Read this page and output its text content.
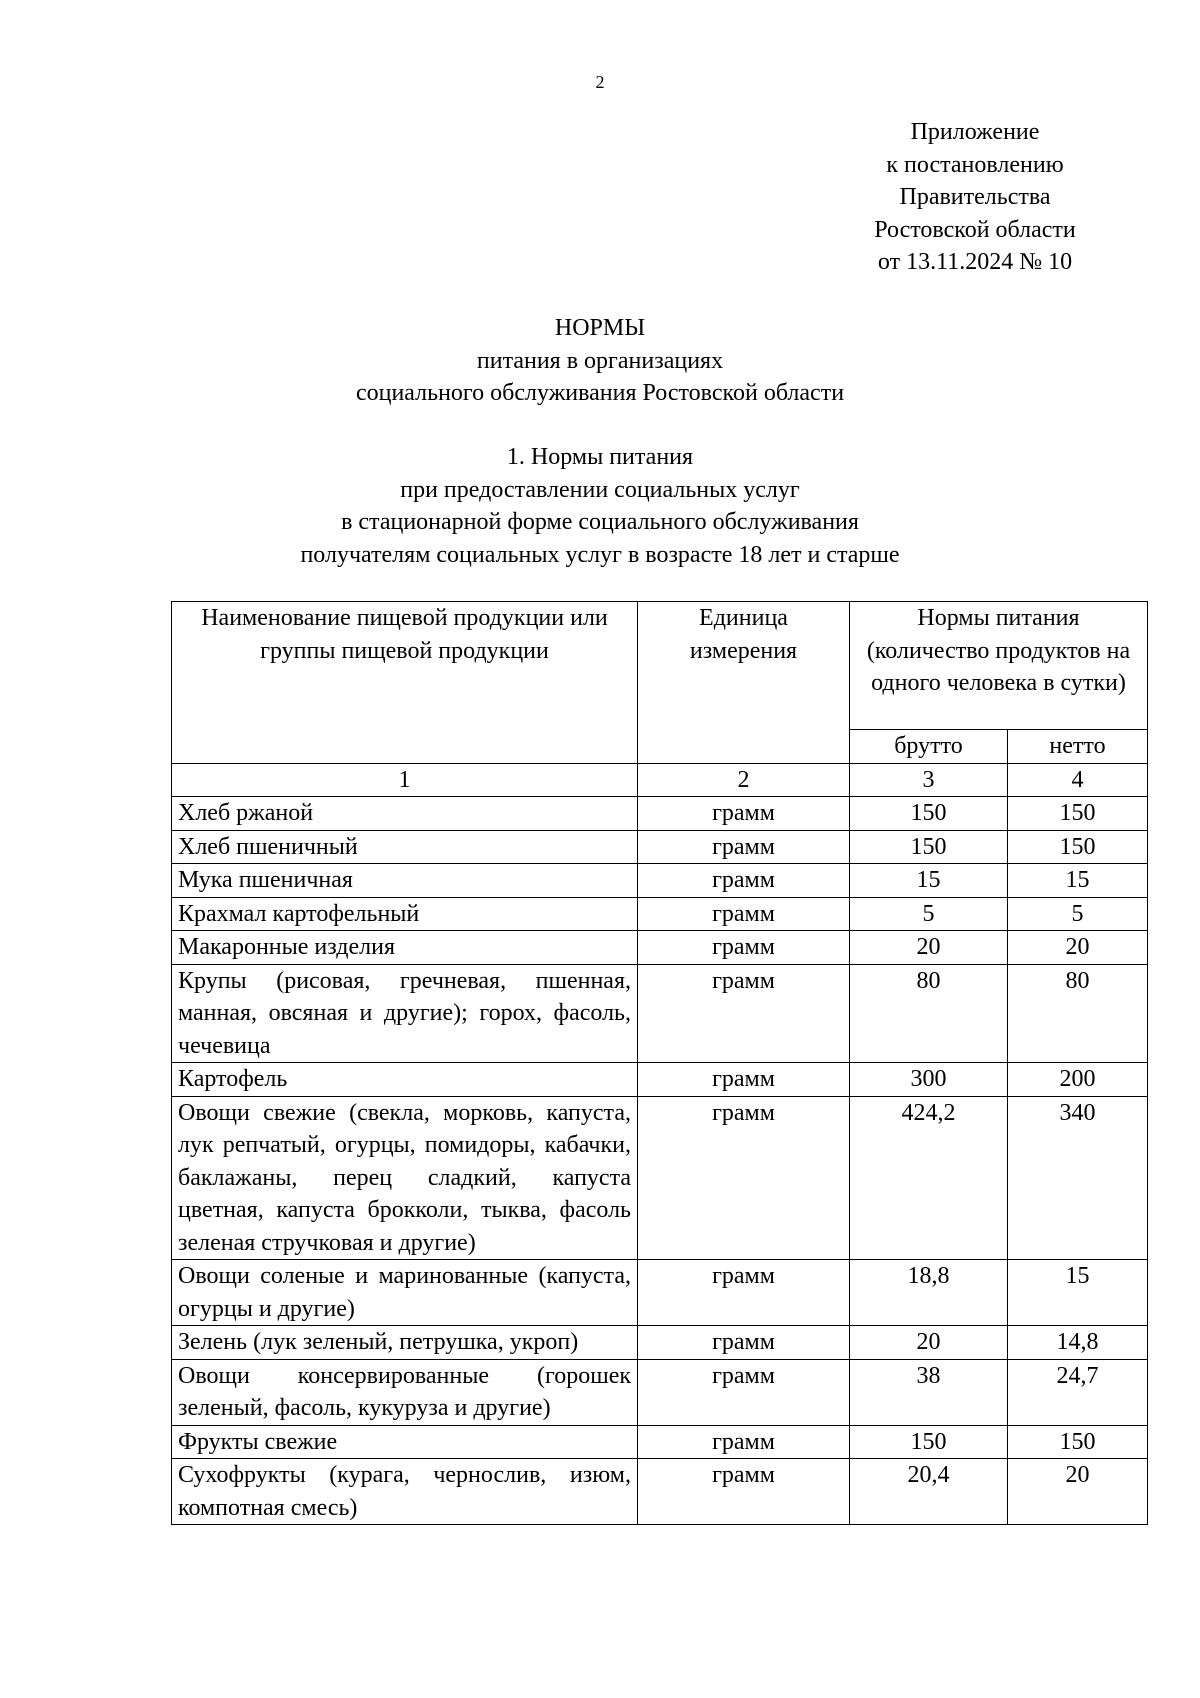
2
Приложение
к постановлению
Правительства
Ростовской области
от 13.11.2024 № 10
НОРМЫ
питания в организациях
социального обслуживания Ростовской области
1. Нормы питания
при предоставлении социальных услуг
в стационарной форме социального обслуживания
получателям социальных услуг в возрасте 18 лет и старше
Наименование пищевой продукции или группы пищевой продукции	Единица измерения	Нормы питания (количество продуктов на одного человека в сутки)	
		брутто	нетто
1	2	3	4
Хлеб ржаной	грамм	150	150
Хлеб пшеничный	грамм	150	150
Мука пшеничная	грамм	15	15
Крахмал картофельный	грамм	5	5
Макаронные изделия	грамм	20	20
Крупы (рисовая, гречневая, пшенная, манная, овсяная и другие); горох, фасоль, чечевица	грамм	80	80
Картофель	грамм	300	200
Овощи свежие (свекла, морковь, капуста, лук репчатый, огурцы, помидоры, кабачки, баклажаны, перец сладкий, капуста цветная, капуста брокколи, тыква, фасоль зеленая стручковая и другие)	грамм	424,2	340
Овощи соленые и маринованные (капуста, огурцы и другие)	грамм	18,8	15
Зелень (лук зеленый, петрушка, укроп)	грамм	20	14,8
Овощи консервированные (горошек зеленый, фасоль, кукуруза и другие)	грамм	38	24,7
Фрукты свежие	грамм	150	150
Сухофрукты (курага, чернослив, изюм, компотная смесь)	грамм	20,4	20
